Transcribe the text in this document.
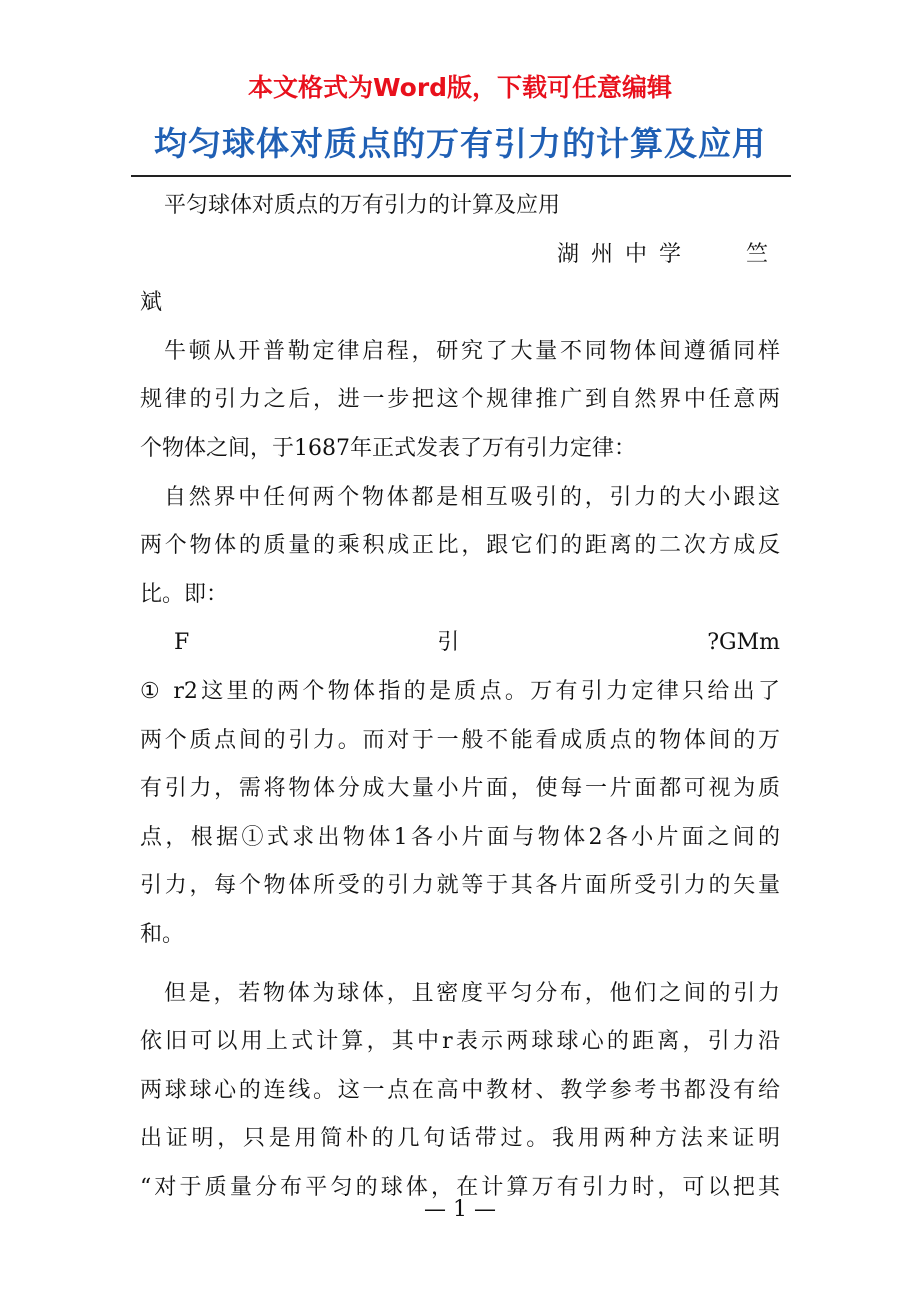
本文格式为Word版，下载可任意编辑
均匀球体对质点的万有引力的计算及应用
平匀球体对质点的万有引力的计算及应用
湖州中学　 竺
斌
牛顿从开普勒定律启程，研究了大量不同物体间遵循同样
规律的引力之后，进一步把这个规律推广到自然界中任意两
个物体之间，于1687年正式发表了万有引力定律：
自然界中任何两个物体都是相互吸引的，引力的大小跟这
两个物体的质量的乘积成正比，跟它们的距离的二次方成反
比。即：
F	引	?GMm
① r2这里的两个物体指的是质点。万有引力定律只给出了
两个质点间的引力。而对于一般不能看成质点的物体间的万
有引力，需将物体分成大量小片面，使每一片面都可视为质
点，根据①式求出物体1各小片面与物体2各小片面之间的
引力，每个物体所受的引力就等于其各片面所受引力的矢量
和。
但是，若物体为球体，且密度平匀分布，他们之间的引力
依旧可以用上式计算，其中r表示两球球心的距离，引力沿
两球球心的连线。这一点在高中教材、教学参考书都没有给
出证明，只是用简朴的几句话带过。我用两种方法来证明
“对于质量分布平匀的球体，在计算万有引力时，可以把其
— 1 —
